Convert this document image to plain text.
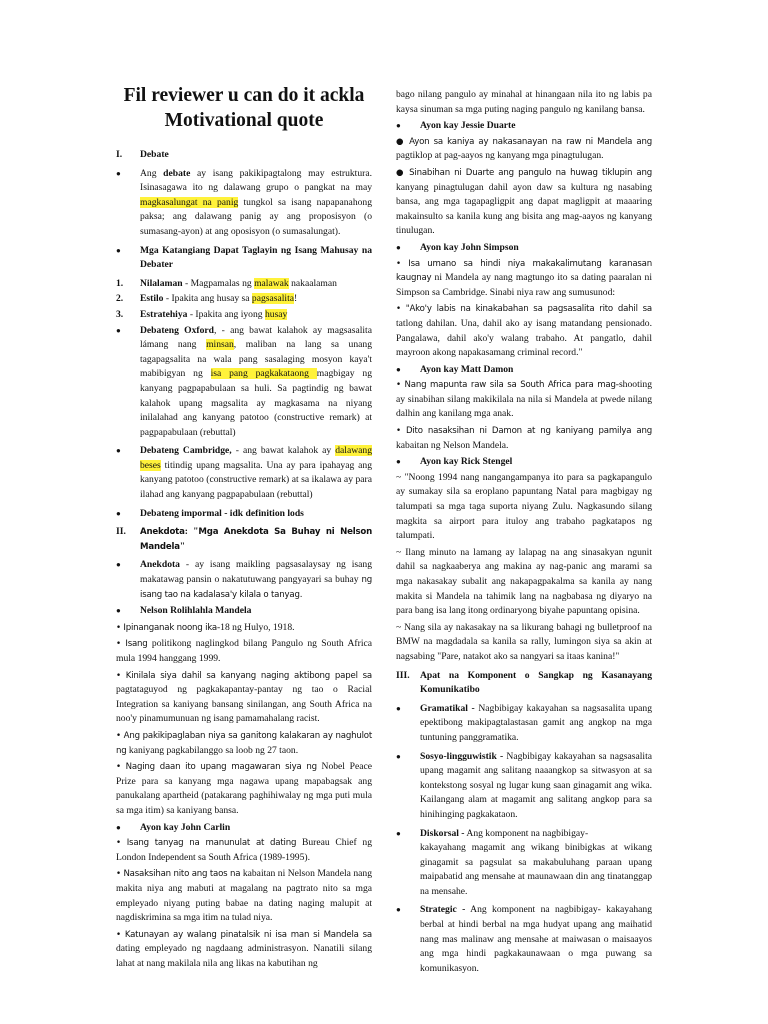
Fil reviewer u can do it ackla
Motivational quote
I.	Debate
●
Ang debate ay isang pakikipagtalong may estruktura. Isinasagawa ito ng dalawang grupo o pangkat na may magkasalungat na panig tungkol sa isang napapanahong paksa; ang dalawang panig ay ang proposisyon (o sumasang-ayon) at ang oposisyon (o sumasalungat).
●
Mga Katangiang Dapat Taglayin ng Isang Mahusay na Debater
1.	Nilalaman - Magpamalas ng malawak nakaalaman
2.	Estilo - Ipakita ang husay sa pagsasalita!
3.	Estratehiya - Ipakita ang iyong husay
●
Debateng Oxford, - ang bawat kalahok ay magsasalita lámang nang minsan, maliban na lang sa unang tagapagsalita na wala pang sasalaging mosyon kaya't mabibigyan ng isa pang pagkakataong magbigay ng kanyang pagpapabulaan sa huli. Sa pagtindig ng bawat kalahok upang magsalita ay magkasama na niyang inilalahad ang kanyang patotoo (constructive remark) at pagpapabulaan (rebuttal)
●
Debateng Cambridge, - ang bawat kalahok ay dalawang beses titindig upang magsalita. Una ay para ipahayag ang kanyang patotoo (constructive remark) at sa ikalawa ay para ilahad ang kanyang pagpapabulaan (rebuttal)
●
Debateng impormal - idk definition lods
II.	Anekdota: "Mga Anekdota Sa Buhay ni Nelson Mandela"
●
Anekdota - ay isang maikling pagsasalaysay ng isang makatawag pansin o nakatutuwang pangyayari sa buhay ng isang tao na kadalasa'y kilala o tanyag.
●
Nelson Rolihlahla Mandela
• Ipinanganak noong ika-18 ng Hulyo, 1918.
• Isang politikong naglingkod bilang Pangulo ng South Africa mula 1994 hanggang 1999.
• Kinilala siya dahil sa kanyang naging aktibong papel sa pagtataguyod ng pagkakapantay-pantay ng tao o Racial Integration sa kaniyang bansang sinilangan, ang South Africa na noo'y pinamumunuan ng isang pamamahalang racist.
• Ang pakikipaglaban niya sa ganitong kalakaran ay naghulot ng kaniyang pagkabilanggo sa loob ng 27 taon.
• Naging daan ito upang magawaran siya ng Nobel Peace Prize para sa kanyang mga nagawa upang mapabagsak ang panukalang apartheid (patakarang paghihiwalay ng mga puti mula sa mga itim) sa kaniyang bansa.
●
Ayon kay John Carlin
• Isang tanyag na manunulat at dating Bureau Chief ng London Independent sa South Africa (1989-1995).
• Nasaksihan nito ang taos na kabaitan ni Nelson Mandela nang makita niya ang mabuti at magalang na pagtrato nito sa mga empleyado niyang puting babae na dating naging malupit at nagdiskrimina sa mga itim na tulad niya.
• Katunayan ay walang pinatalsik ni isa man si Mandela sa dating empleyado ng nagdaang administrasyon. Nanatili silang lahat at nang makilala nila ang likas na kabutihan ng
bago nilang pangulo ay minahal at hinangaan nila ito ng labis pa kaysa sinuman sa mga puting naging pangulo ng kanilang bansa.
●
Ayon kay Jessie Duarte
● Ayon sa kaniya ay nakasanayan na raw ni Mandela ang pagtiklop at pag-aayos ng kanyang mga pinagtulugan.
● Sinabihan ni Duarte ang pangulo na huwag tiklupin ang kanyang pinagtulugan dahil ayon daw sa kultura ng nasabing bansa, ang mga tagapagligpit ang dapat magligpit at maaaring makainsulto sa kanila kung ang bisita ang mag-aayos ng kanyang tinulugan.
●
Ayon kay John Simpson
• Isa umano sa hindi niya makakalimutang karanasan kaugnay ni Mandela ay nang magtungo ito sa dating paaralan ni Simpson sa Cambridge. Sinabi niya raw ang sumusunod:
• "Ako'y labis na kinakabahan sa pagsasalita rito dahil sa tatlong dahilan. Una, dahil ako ay isang matandang pensionado. Pangalawa, dahil ako'y walang trabaho. At pangatlo, dahil mayroon akong napakasamang criminal record."
●
Ayon kay Matt Damon
• Nang mapunta raw sila sa South Africa para mag-shooting ay sinabihan silang makikilala na nila si Mandela at pwede nilang dalhin ang kanilang mga anak.
• Dito nasaksihan ni Damon at ng kaniyang pamilya ang kabaitan ng Nelson Mandela.
●
Ayon kay Rick Stengel
~ "Noong 1994 nang nangangampanya ito para sa pagkapangulo ay sumakay sila sa eroplano papuntang Natal para magbigay ng talumpati sa mga taga suporta niyang Zulu. Nagkasundo silang magkita sa airport para ituloy ang trabaho pagkatapos ng talumpati.
~ Ilang minuto na lamang ay lalapag na ang sinasakyan ngunit dahil sa nagkaaberya ang makina ay nag-panic ang marami sa mga nakasakay subalit ang nakapagpakalma sa kanila ay nang makita si Mandela na tahimik lang na nagbabasa ng diyaryo na para bang isa lang itong ordinaryong biyahe papuntang opisina.
~ Nang sila ay nakasakay na sa likurang bahagi ng bulletproof na BMW na magdadala sa kanila sa rally, lumingon siya sa akin at nagsabing "Pare, natakot ako sa nangyari sa itaas kanina!"
III.	Apat na Komponent o Sangkap ng Kasanayang Komunikatibo
●
Gramatikal - Nagbibigay kakayahan sa nagsasalita upang epektibong makipagtalastasan gamit ang angkop na mga tuntuning panggramatika.
●
Sosyo-lingguwistik - Nagbibigay kakayahan sa nagsasalita upang magamit ang salitang naaangkop sa sitwasyon at sa kontekstong sosyal ng lugar kung saan ginagamit ang wika. Kailangang alam at magamit ang salitang angkop para sa hinihinging pagkakataon.
●
Diskorsal - Ang komponent na nagbibigay-
kakayahang magamit ang wikang binibigkas at wikang ginagamit sa pagsulat sa makabuluhang paraan upang maipabatid ang mensahe at maunawaan din ang tinatanggap na mensahe.
●
Strategic - Ang komponent na nagbibigay- kakayahang berbal at hindi berbal na mga hudyat upang ang maihatid nang mas malinaw ang mensahe at maiwasan o maisaayos ang mga hindi pagkakaunawaan o mga puwang sa komunikasyon.
